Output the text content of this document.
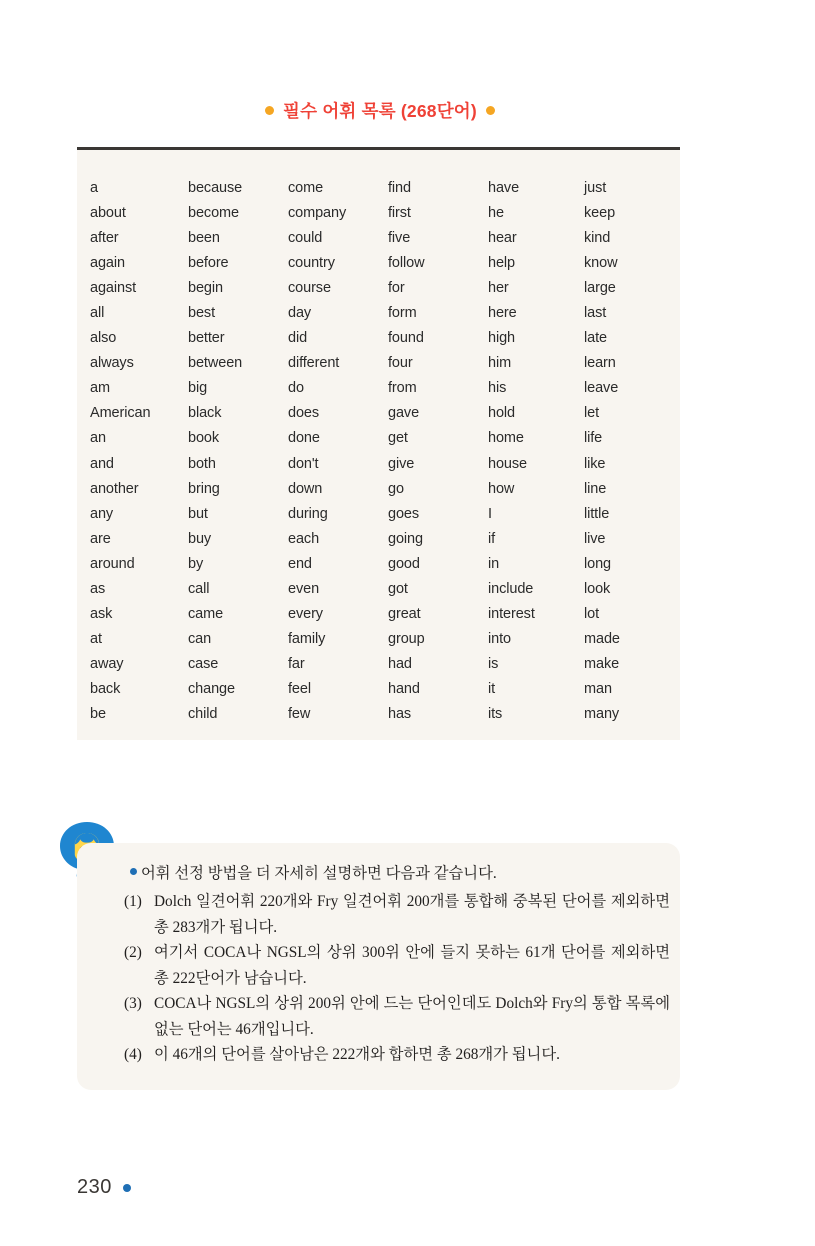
필수 어휘 목록 (268단어)
a
about
after
again
against
all
also
always
am
American
an
and
another
any
are
around
as
ask
at
away
back
be
because
become
been
before
begin
best
better
between
big
black
book
both
bring
but
buy
by
call
came
can
case
change
child
come
company
could
country
course
day
did
different
do
does
done
don't
down
during
each
end
even
every
family
far
feel
few
find
first
five
follow
for
form
found
four
from
gave
get
give
go
goes
going
good
got
great
group
had
hand
has
have
he
hear
help
her
here
high
him
his
hold
home
house
how
I
if
in
include
interest
into
is
it
its
just
keep
kind
know
large
last
late
learn
leave
let
life
like
line
little
live
long
look
lot
made
make
man
many
어휘 선정 방법을 더 자세히 설명하면 다음과 같습니다.
(1) Dolch 일견어휘 220개와 Fry 일견어휘 200개를 통합해 중복된 단어를 제외하면 총 283개가 됩니다.
(2) 여기서 COCA나 NGSL의 상위 300위 안에 들지 못하는 61개 단어를 제외하면 총 222단어가 남습니다.
(3) COCA나 NGSL의 상위 200위 안에 드는 단어인데도 Dolch와 Fry의 통합 목록에 없는 단어는 46개입니다.
(4) 이 46개의 단어를 살아남은 222개와 합하면 총 268개가 됩니다.
230
